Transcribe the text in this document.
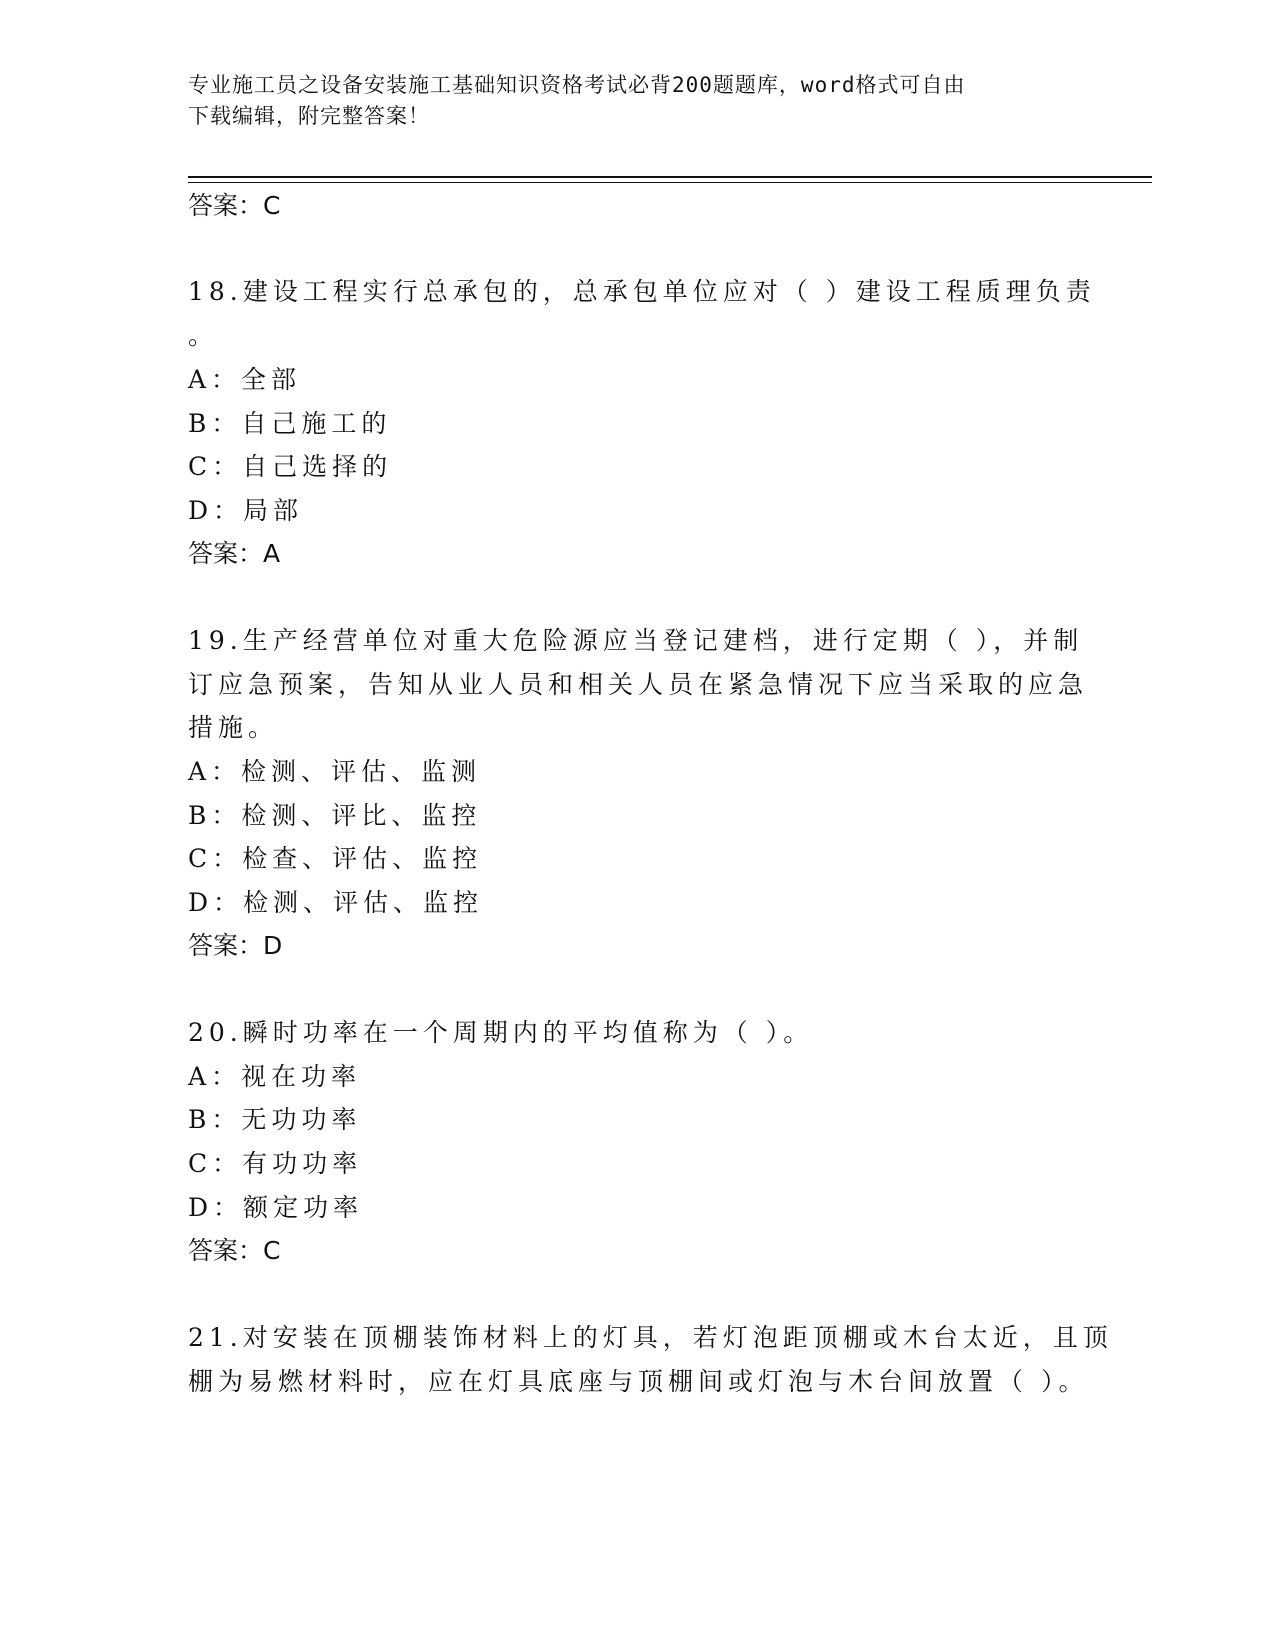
专业施工员之设备安装施工基础知识资格考试必背200题题库，word格式可自由
下载编辑，附完整答案！
答案：C
18.建设工程实行总承包的，总承包单位应对（ ）建设工程质理负责
。
A：全部
B：自己施工的
C：自己选择的
D：局部
答案：A
19.生产经营单位对重大危险源应当登记建档，进行定期（ ），并制
订应急预案，告知从业人员和相关人员在紧急情况下应当采取的应急
措施。
A：检测、评估、监测
B：检测、评比、监控
C：检查、评估、监控
D：检测、评估、监控
答案：D
20.瞬时功率在一个周期内的平均值称为（ ）。
A：视在功率
B：无功功率
C：有功功率
D：额定功率
答案：C
21.对安装在顶棚装饰材料上的灯具，若灯泡距顶棚或木台太近，且顶
棚为易燃材料时，应在灯具底座与顶棚间或灯泡与木台间放置（ ）。
